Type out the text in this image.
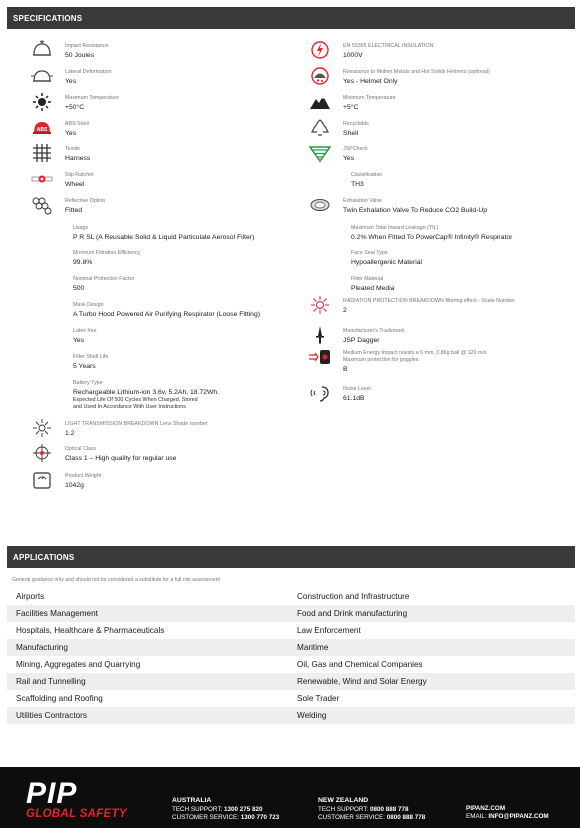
SPECIFICATIONS
Impact Resistance
50 Joules
Lateral Deformation
Yes
Maximum Temperature
+50°C
ABS
ABS Shell
Yes
Textile
Harness
Slip Ratchet
Wheel
Reflective Option
Fitted
Usage
P R SL (A Reusable Solid & Liquid Particulate Aerosol Filter)
Minimum Filtration Efficiency
99.8%
Nominal Protection Factor
500
Mask Design
A Turbo Hood Powered Air Purifying Respirator (Loose Fitting)
Latex free
Yes
Filter Shelf Life
5 Years
Battery Type
Rechargeable Lithium-ion 3.6v, 5.2Ah, 18.72Wh.
Expected Life Of 500 Cycles When Charged, Stored
and Used In Accordance With User Instructions
LIGHT TRANSMISSION BREAKDOWN Lens Shade number
1.2
Optical Class
Class 1 – High quality for regular use
Product Weight
1042g
EN 50365 ELECTRICAL INSULATION
1000V
Resistance to Molten Metals and Hot Solids Helmets (optional)
Yes - Helmet Only
Minimum Temperature
+5°C
Recyclable
Shell
JSPCheck
Yes
Classification
TH3
Exhalation Valve
Twin Exhalation Valve To Reduce CO2 Build-Up
Maximum Total Inward Leakage (TIL)
0.2% When Fitted To PowerCap® Infinity® Respirator
Face Seal Type
Hypoallergenic Material
Filter Material
Pleated Media
RADIATION PROTECTION BREAKDOWN filtering effect - Scale Number
2
Manufacturer's Trademark
JSP Dagger
Medium Energy Impact resists a 6 mm, 0.86g ball @ 120 m/s
Maximum protection for goggles.
B
Noise Level
61.1dB
APPLICATIONS
General guidance only and should not be considered a substitute for a full risk assessment
Airports	Construction and Infrastructure
Facilities Management	Food and Drink manufacturing
Hospitals, Healthcare & Pharmaceuticals	Law Enforcement
Manufacturing	Maritime
Mining, Aggregates and Quarrying	Oil, Gas and Chemical Companies
Rail and Tunnelling	Renewable, Wind and Solar Energy
Scaffolding and Roofing	Sole Trader
Utilities Contractors	Welding
PIP
GLOBAL SAFETY
AUSTRALIA
TECH SUPPORT: 1300 275 820
CUSTOMER SERVICE: 1300 770 723
NEW ZEALAND
TECH SUPPORT: 0800 888 778
CUSTOMER SERVICE: 0800 888 778
PIPANZ.COM
EMAIL: INFO@PIPANZ.COM
